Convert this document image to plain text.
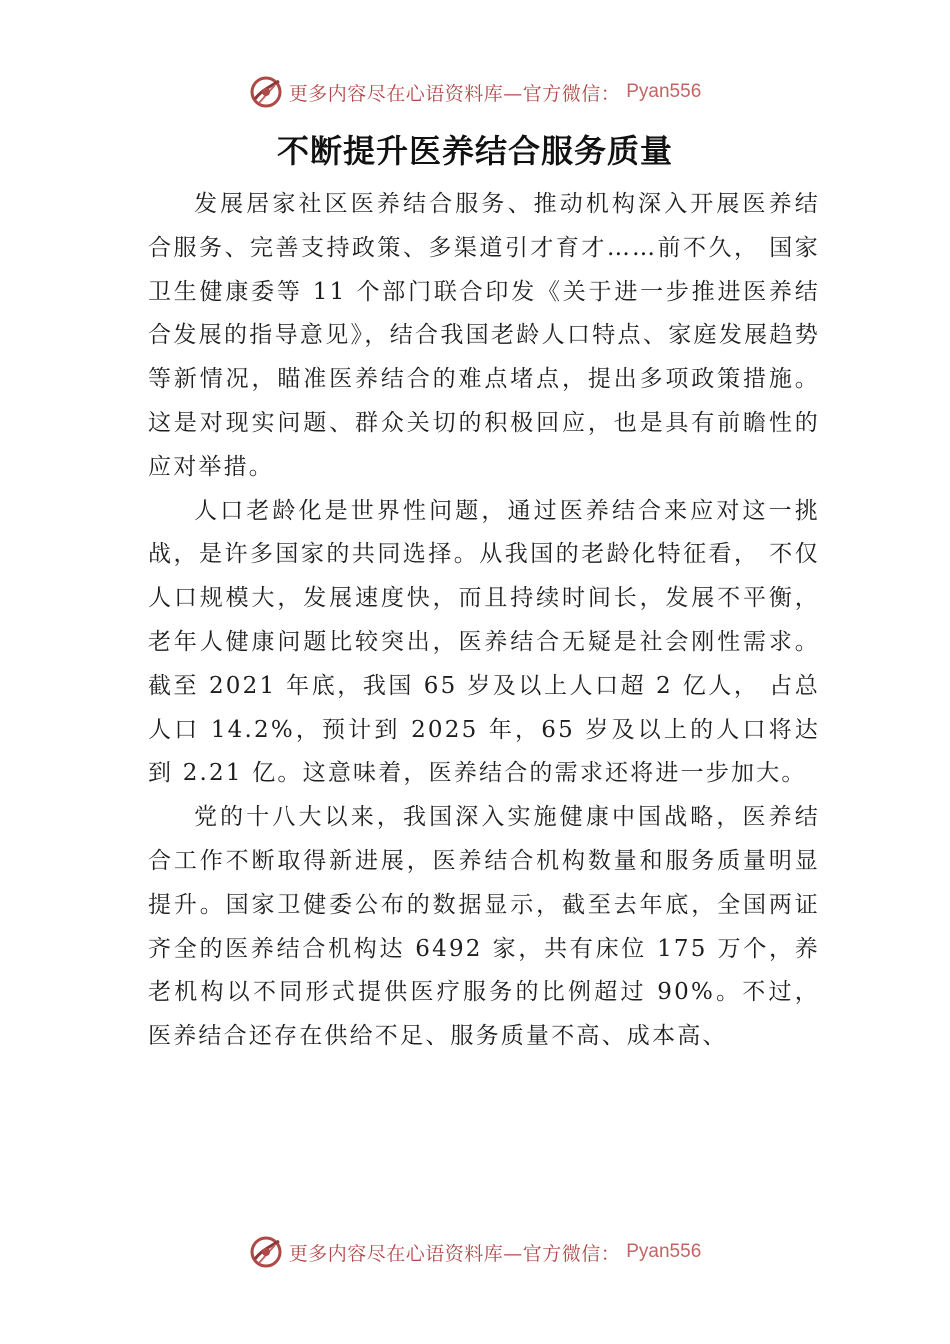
更多内容尽在心语资料库—官方微信： Pyan556
不断提升医养结合服务质量

发展居家社区医养结合服务、推动机构深入开展医养结合服务、完善支持政策、多渠道引才育才……前不久， 国家卫生健康委等 11 个部门联合印发《关于进一步推进医养结合发展的指导意见》，结合我国老龄人口特点、家庭发展趋势等新情况，瞄准医养结合的难点堵点，提出多项政策措施。这是对现实问题、群众关切的积极回应，也是具有前瞻性的应对举措。

人口老龄化是世界性问题，通过医养结合来应对这一挑战，是许多国家的共同选择。从我国的老龄化特征看， 不仅人口规模大，发展速度快，而且持续时间长，发展不平衡，老年人健康问题比较突出，医养结合无疑是社会刚性需求。截至 2021 年底，我国 65 岁及以上人口超 2 亿人， 占总人口 14.2%，预计到 2025 年，65 岁及以上的人口将达到 2.21 亿。这意味着，医养结合的需求还将进一步加大。

党的十八大以来，我国深入实施健康中国战略，医养结合工作不断取得新进展，医养结合机构数量和服务质量明显提升。国家卫健委公布的数据显示，截至去年底，全国两证齐全的医养结合机构达 6492 家，共有床位 175 万个，养老机构以不同形式提供医疗服务的比例超过 90%。不过，医养结合还存在供给不足、服务质量不高、成本高、

更多内容尽在心语资料库—官方微信： Pyan556
